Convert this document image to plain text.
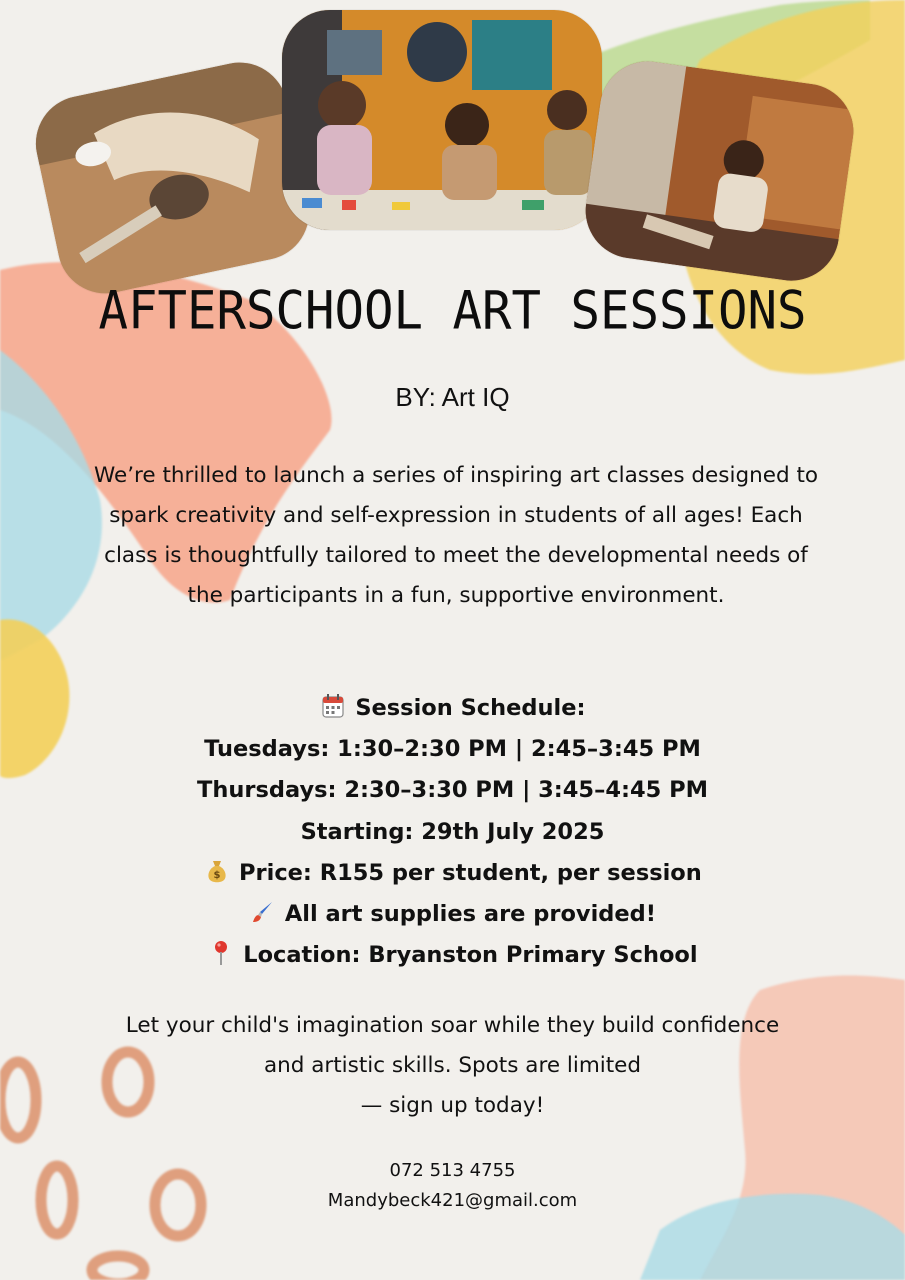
AFTERSCHOOL ART SESSIONS
BY: Art IQ
We’re thrilled to launch a series of inspiring art classes designed to spark creativity and self-expression in students of all ages! Each class is thoughtfully tailored to meet the developmental needs of the participants in a fun, supportive environment.
Session Schedule:
Tuesdays: 1:30–2:30 PM | 2:45–3:45 PM
Thursdays: 2:30–3:30 PM | 3:45–4:45 PM
Starting: 29th July 2025
$ Price: R155 per student, per session
All art supplies are provided!
Location: Bryanston Primary School
Let your child's imagination soar while they build confidence
and artistic skills. Spots are limited
— sign up today!
072 513 4755
Mandybeck421@gmail.com
